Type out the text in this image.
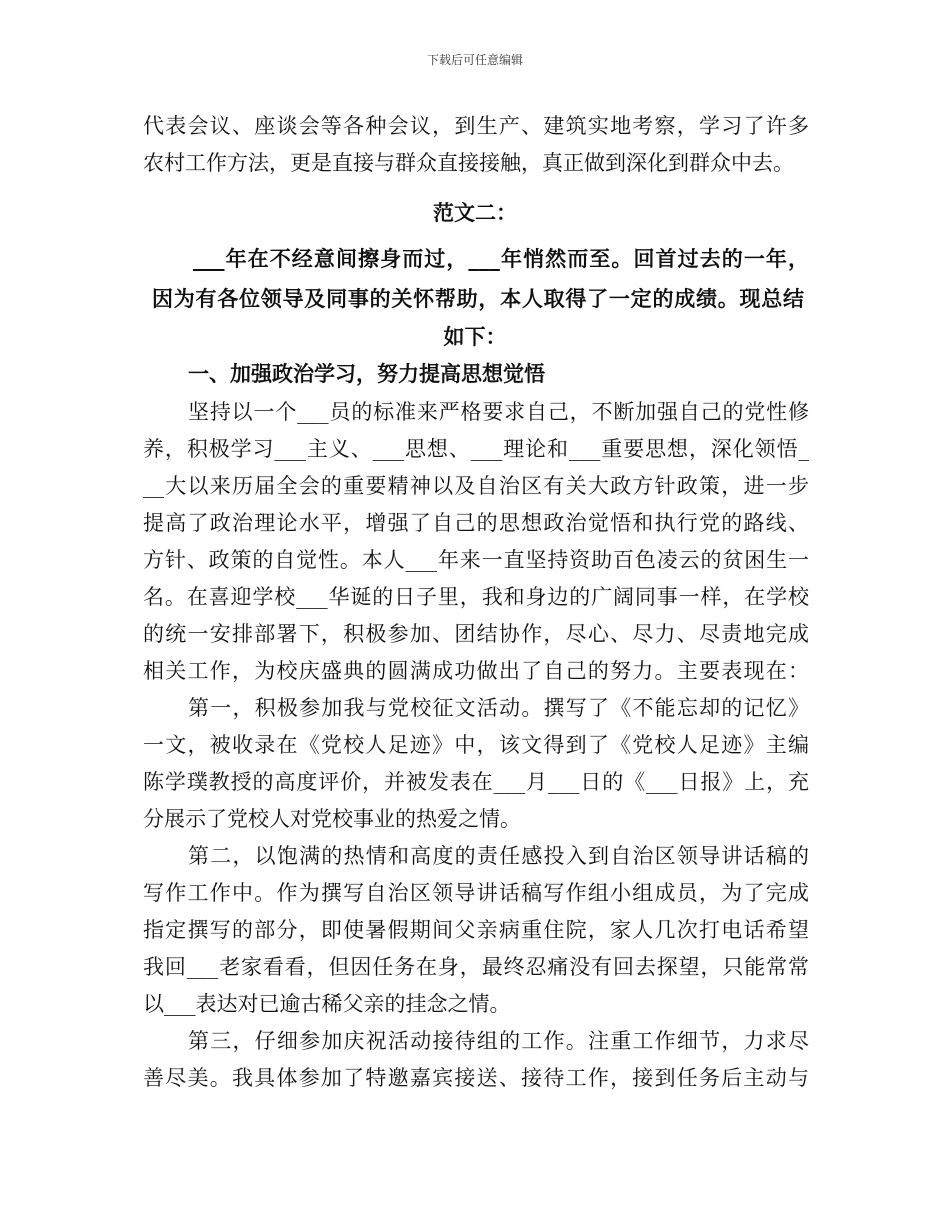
下载后可任意编辑
代表会议、座谈会等各种会议，到生产、建筑实地考察，学习了许多
农村工作方法，更是直接与群众直接接触，真正做到深化到群众中去。
范文二：
___年在不经意间擦身而过，___年悄然而至。回首过去的一年，
因为有各位领导及同事的关怀帮助，本人取得了一定的成绩。现总结
如下：
一、加强政治学习，努力提高思想觉悟
坚持以一个___员的标准来严格要求自己，不断加强自己的党性修
养，积极学习___主义、___思想、___理论和___重要思想，深化领悟_
__大以来历届全会的重要精神以及自治区有关大政方针政策，进一步
提高了政治理论水平，增强了自己的思想政治觉悟和执行党的路线、
方针、政策的自觉性。本人___年来一直坚持资助百色凌云的贫困生一
名。在喜迎学校___华诞的日子里，我和身边的广阔同事一样，在学校
的统一安排部署下，积极参加、团结协作，尽心、尽力、尽责地完成
相关工作，为校庆盛典的圆满成功做出了自己的努力。主要表现在：
第一，积极参加我与党校征文活动。撰写了《不能忘却的记忆》
一文，被收录在《党校人足迹》中，该文得到了《党校人足迹》主编
陈学璞教授的高度评价，并被发表在___月___日的《___日报》上，充
分展示了党校人对党校事业的热爱之情。
第二，以饱满的热情和高度的责任感投入到自治区领导讲话稿的
写作工作中。作为撰写自治区领导讲话稿写作组小组成员，为了完成
指定撰写的部分，即使暑假期间父亲病重住院，家人几次打电话希望
我回___老家看看，但因任务在身，最终忍痛没有回去探望，只能常常
以___表达对已逾古稀父亲的挂念之情。
第三，仔细参加庆祝活动接待组的工作。注重工作细节，力求尽
善尽美。我具体参加了特邀嘉宾接送、接待工作，接到任务后主动与
